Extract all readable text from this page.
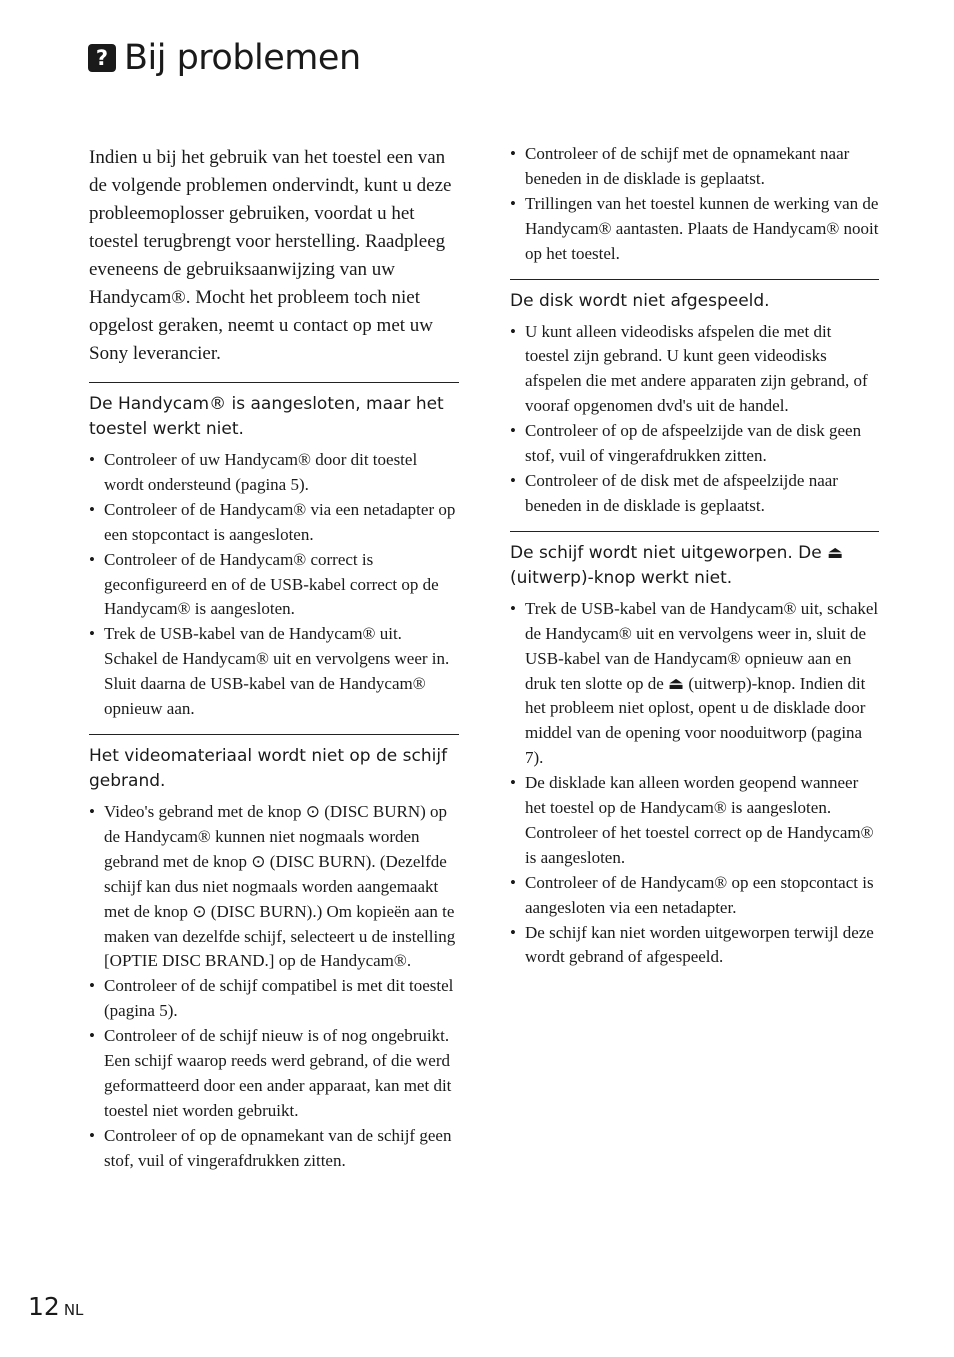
? Bij problemen

Indien u bij het gebruik van het toestel een van de volgende problemen ondervindt, kunt u deze probleemoplosser gebruiken, voordat u het toestel terugbrengt voor herstelling. Raadpleeg eveneens de gebruiksaanwijzing van uw Handycam®. Mocht het probleem toch niet opgelost geraken, neemt u contact op met uw Sony leverancier.

De Handycam® is aangesloten, maar het toestel werkt niet.
• Controleer of uw Handycam® door dit toestel wordt ondersteund (pagina 5).
• Controleer of de Handycam® via een netadapter op een stopcontact is aangesloten.
• Controleer of de Handycam® correct is geconfigureerd en of de USB-kabel correct op de Handycam® is aangesloten.
• Trek de USB-kabel van de Handycam® uit. Schakel de Handycam® uit en vervolgens weer in. Sluit daarna de USB-kabel van de Handycam® opnieuw aan.
Het videomateriaal wordt niet op de schijf gebrand.
• Video's gebrand met de knop ⊙ (DISC BURN) op de Handycam® kunnen niet nogmaals worden gebrand met de knop ⊙ (DISC BURN). (Dezelfde schijf kan dus niet nogmaals worden aangemaakt met de knop ⊙ (DISC BURN).) Om kopieën aan te maken van dezelfde schijf, selecteert u de instelling [OPTIE DISC BRAND.] op de Handycam®.
• Controleer of de schijf compatibel is met dit toestel (pagina 5).
• Controleer of de schijf nieuw is of nog ongebruikt. Een schijf waarop reeds werd gebrand, of die werd geformatteerd door een ander apparaat, kan met dit toestel niet worden gebruikt.
• Controleer of op de opnamekant van de schijf geen stof, vuil of vingerafdrukken zitten.
• Controleer of de schijf met de opnamekant naar beneden in de disklade is geplaatst.
• Trillingen van het toestel kunnen de werking van de Handycam® aantasten. Plaats de Handycam® nooit op het toestel.
De disk wordt niet afgespeeld.
• U kunt alleen videodisks afspelen die met dit toestel zijn gebrand. U kunt geen videodisks afspelen die met andere apparaten zijn gebrand, of vooraf opgenomen dvd's uit de handel.
• Controleer of op de afspeelzijde van de disk geen stof, vuil of vingerafdrukken zitten.
• Controleer of de disk met de afspeelzijde naar beneden in de disklade is geplaatst.
De schijf wordt niet uitgeworpen. De ⏏ (uitwerp)-knop werkt niet.
• Trek de USB-kabel van de Handycam® uit, schakel de Handycam® uit en vervolgens weer in, sluit de USB-kabel van de Handycam® opnieuw aan en druk ten slotte op de ⏏ (uitwerp)-knop. Indien dit het probleem niet oplost, opent u de disklade door middel van de opening voor nooduitworp (pagina 7).
• De disklade kan alleen worden geopend wanneer het toestel op de Handycam® is aangesloten. Controleer of het toestel correct op de Handycam® is aangesloten.
• Controleer of de Handycam® op een stopcontact is aangesloten via een netadapter.
• De schijf kan niet worden uitgeworpen terwijl deze wordt gebrand of afgespeeld.
12 NL
